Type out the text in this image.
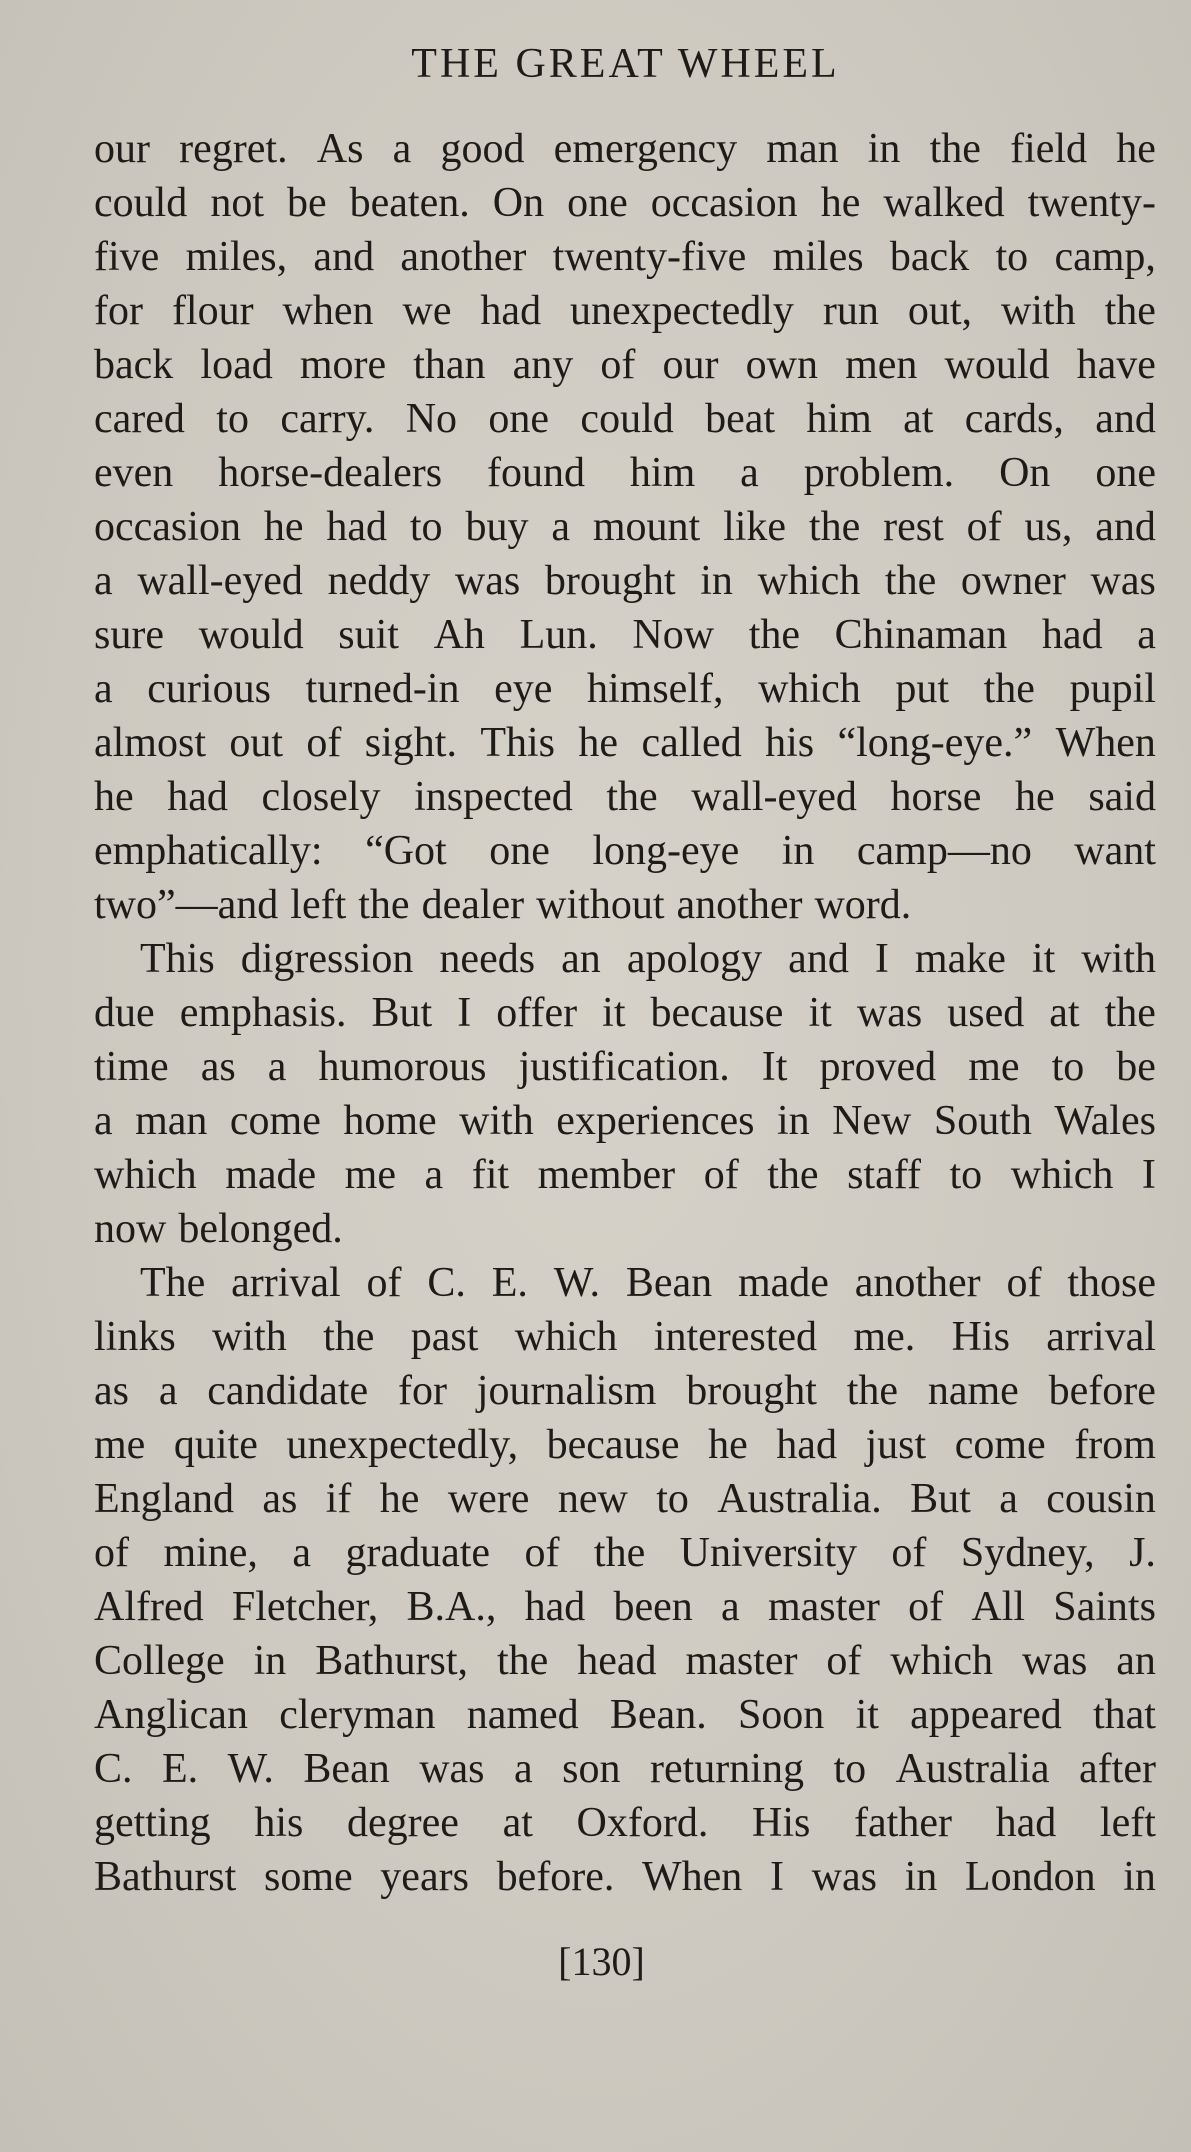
THE GREAT WHEEL
our regret. As a good emergency man in the field he
could not be beaten. On one occasion he walked twenty-
five miles, and another twenty-five miles back to camp,
for flour when we had unexpectedly run out, with the
back load more than any of our own men would have
cared to carry. No one could beat him at cards, and
even horse-dealers found him a problem. On one
occasion he had to buy a mount like the rest of us, and
a wall-eyed neddy was brought in which the owner was
sure would suit Ah Lun. Now the Chinaman had a
a curious turned-in eye himself, which put the pupil
almost out of sight. This he called his “long-eye.” When
he had closely inspected the wall-eyed horse he said
emphatically: “Got one long-eye in camp—no want
two”—and left the dealer without another word.
This digression needs an apology and I make it with
due emphasis. But I offer it because it was used at the
time as a humorous justification. It proved me to be
a man come home with experiences in New South Wales
which made me a fit member of the staff to which I
now belonged.
The arrival of C. E. W. Bean made another of those
links with the past which interested me. His arrival
as a candidate for journalism brought the name before
me quite unexpectedly, because he had just come from
England as if he were new to Australia. But a cousin
of mine, a graduate of the University of Sydney, J.
Alfred Fletcher, B.A., had been a master of All Saints
College in Bathurst, the head master of which was an
Anglican cleryman named Bean. Soon it appeared that
C. E. W. Bean was a son returning to Australia after
getting his degree at Oxford. His father had left
Bathurst some years before. When I was in London in
[130]
